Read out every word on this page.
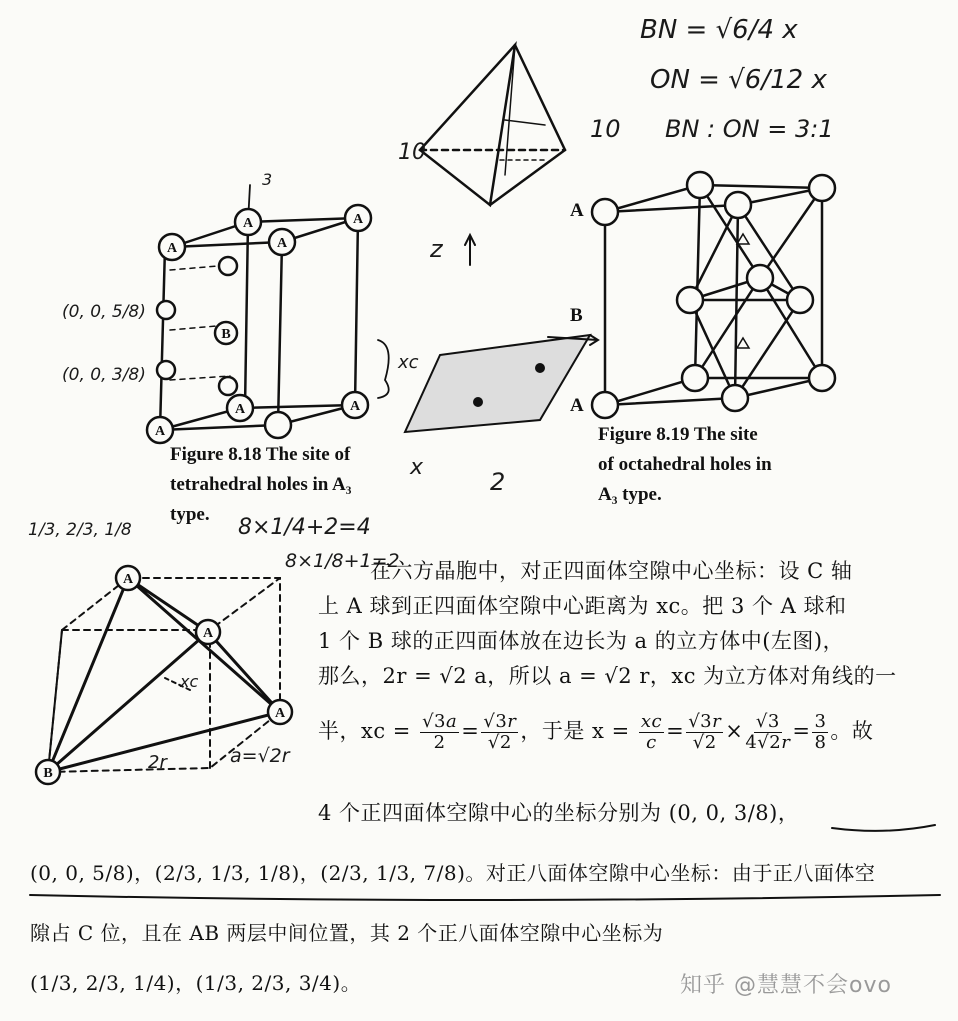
A
A
A
A
A
A	A
B
A
A
A
B
BN = √6/4 x
ON = √6/12 x
BN : ON = 3:1
10
10
z
3
(0, 0, 5/8)
(0, 0, 3/8)
8×1/4+2=4
8×1/8+1=2
1/3, 2/3, 1/8
a=√2r
x
2
xc
Figure 8.18 The site of
tetrahedral holes in A₃
type.
A
B
A
Figure 8.19 The site
of octahedral holes in
A₃ type.
2r
xc
在六方晶胞中，对正四面体空隙中心坐标：设 C 轴
上 A 球到正四面体空隙中心距离为 xc。把 3 个 A 球和
1 个 B 球的正四面体放在边长为 a 的立方体中(左图)，
那么，2r = √2 a，所以 a = √2 r，xc 为立方体对角线的一
半，xc = $\frac{√3a}{2} = \frac{√3r}{√2}$ ，于是 $x = \frac{xc}{c} = \frac{√3r}{√2} \times \frac{√3}{4√2r} = \frac{3}{8}$ 。故
4 个正四面体空隙中心的坐标分别为 (0, 0, 3/8)，
(0, 0, 5/8)，(2/3, 1/3, 1/8)，(2/3, 1/3, 7/8)。对正八面体空隙中心坐标：由于正八面体空
隙占 C 位，且在 AB 两层中间位置，其 2 个正八面体空隙中心坐标为
(1/3, 2/3, 1/4)，(1/3, 2/3, 3/4)。	知乎 @慧慧不会ovo
